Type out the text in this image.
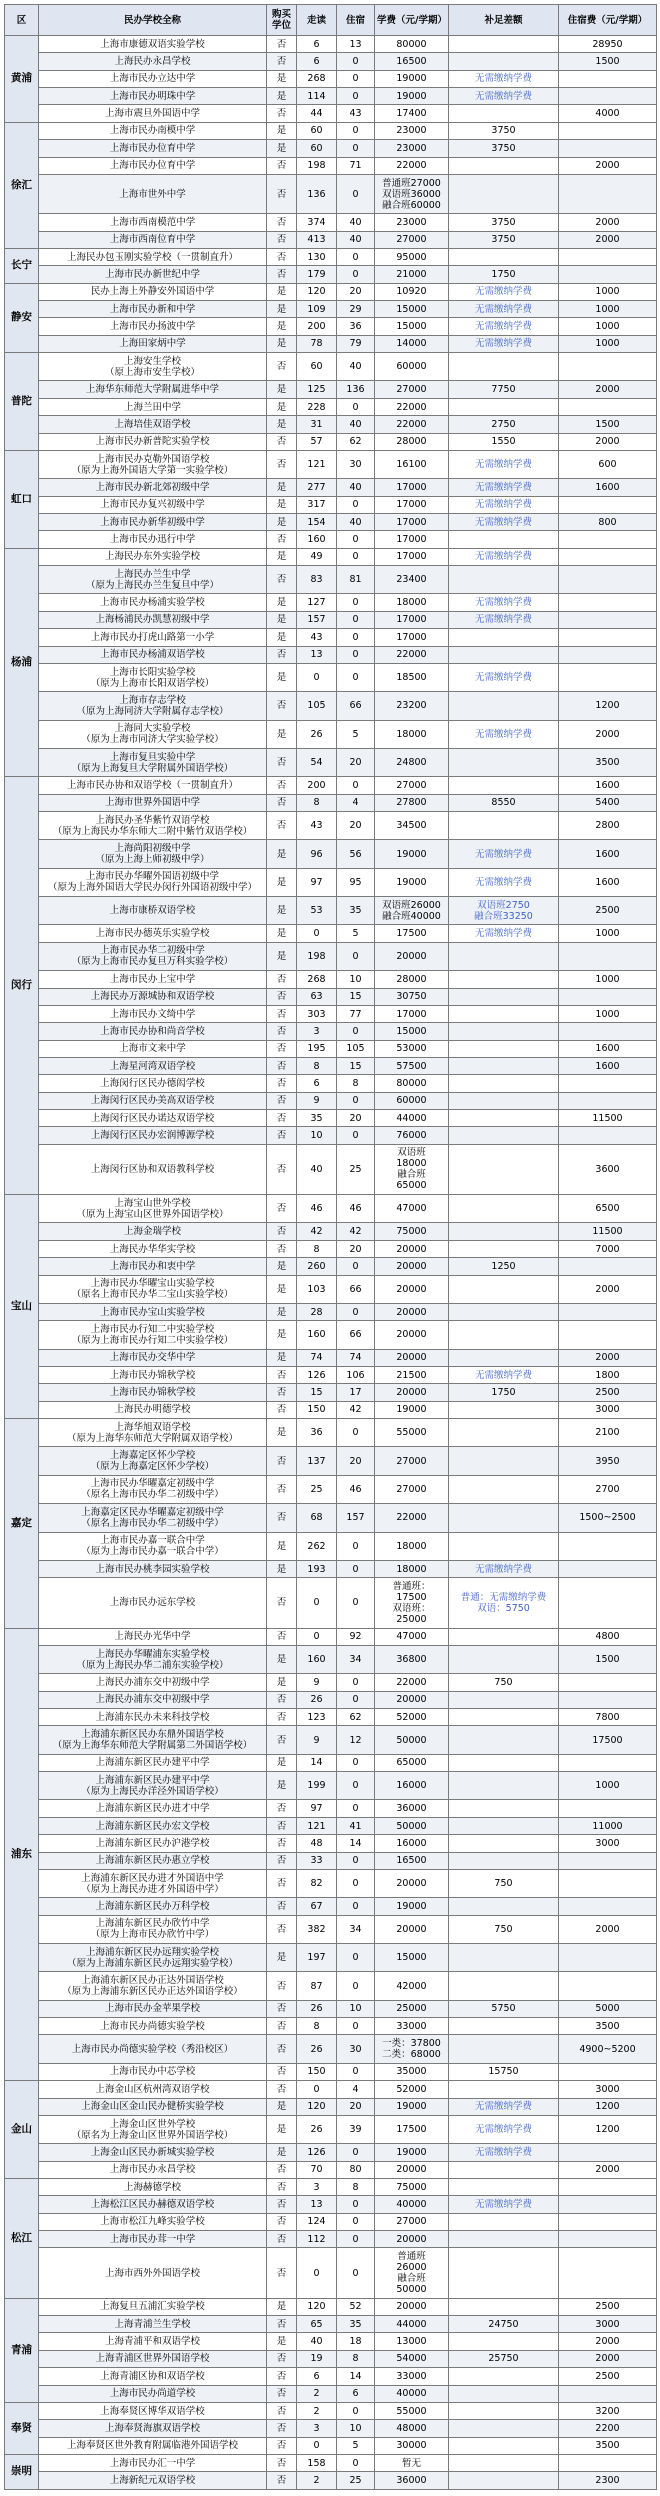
区	民办学校全称	购买学位	走读	住宿	学费（元/学期）	补足差额	住宿费（元/学期）
黄浦	上海市康德双语实验学校	否	6	13	80000		28950
	上海民办永昌学校	否	6	0	16500		1500
	上海市民办立达中学	是	268	0	19000	无需缴纳学费	
	上海市民办明珠中学	是	114	0	19000	无需缴纳学费	
	上海市震旦外国语中学	否	44	43	17400		4000
徐汇	上海市民办南模中学	是	60	0	23000	3750	
	上海市民办位育中学	是	60	0	23000	3750	
	上海市民办位育中学	否	198	71	22000		2000
	上海市世外中学	否	136	0	普通班27000
双语班36000
融合班60000		
	上海市西南模范中学	否	374	40	23000	3750	2000
	上海市西南位育中学	否	413	40	27000	3750	2000
长宁	上海民办包玉刚实验学校（一贯制直升）	否	130	0	95000		
	上海市民办新世纪中学	否	179	0	21000	1750	
静安	民办上海上外静安外国语中学	是	120	20	10920	无需缴纳学费	1000
	上海市民办新和中学	是	109	29	15000	无需缴纳学费	1000
	上海市民办扬波中学	是	200	36	15000	无需缴纳学费	1000
	上海田家炳中学	是	78	79	14000	无需缴纳学费	1000
普陀	上海安生学校
（原上海市安生学校）	否	60	40	60000		
	上海华东师范大学附属进华中学	是	125	136	27000	7750	2000
	上海兰田中学	是	228	0	22000		
	上海培佳双语学校	是	31	40	22000	2750	1500
	上海市民办新普陀实验学校	否	57	62	28000	1550	2000
虹口	上海市民办克勒外国语学校
（原为上海外国语大学第一实验学校）	否	121	30	16100	无需缴纳学费	600
	上海市民办新北郊初级中学	是	277	40	17000	无需缴纳学费	1600
	上海市民办复兴初级中学	是	317	0	17000	无需缴纳学费	
	上海市民办新华初级中学	是	154	40	17000	无需缴纳学费	800
	上海市民办迅行中学	否	160	0	17000		
杨浦	上海民办东外实验学校	是	49	0	17000	无需缴纳学费	
	上海民办兰生中学
（原为上海民办兰生复旦中学）	否	83	81	23400		
	上海市民办杨浦实验学校	是	127	0	18000	无需缴纳学费	
	上海杨浦民办凯慧初级中学	是	157	0	17000	无需缴纳学费	
	上海市民办打虎山路第一小学	是	43	0	17000		
	上海市民办杨浦双语学校	否	13	0	22000		
	上海市长阳实验学校
（原为上海市长阳双语学校）	是	0	0	18500	无需缴纳学费	
	上海市存志学校
（原为上海同济大学附属存志学校）	否	105	66	23200		1200
	上海同大实验学校
（原为上海市同济大学实验学校）	是	26	5	18000	无需缴纳学费	2000
	上海市复旦实验中学
（原为上海复旦大学附属外国语学校）	否	54	20	24800		3500
闵行	上海市民办协和双语学校（一贯制直升）	否	200	0	27000		1600
	上海市世界外国语中学	否	8	4	27800	8550	5400
	上海民办圣华紫竹双语学校
（原为上海民办华东师大二附中紫竹双语学校）	否	43	20	34500		2800
	上海尚阳初级中学
（原为上海上师初级中学）	是	96	56	19000	无需缴纳学费	1600
	上海市民办华曜外国语初级中学
（原为上海外国语大学民办闵行外国语初级中学）	是	97	95	19000	无需缴纳学费	1600
	上海市康桥双语学校	是	53	35	双语班26000
融合班40000	双语班2750
融合班33250	2500
	上海市民办德英乐实验学校	是	0	5	17500	无需缴纳学费	1000
	上海市民办华二初级中学
（原为上海市民办复旦万科实验学校）	是	198	0	20000		
	上海市民办上宝中学	否	268	10	28000		1000
	上海民办万源城协和双语学校	否	63	15	30750		
	上海市民办文绮中学	否	303	77	17000		1000
	上海市民办协和尚音学校	否	3	0	15000		
	上海市文来中学	否	195	105	53000		1600
	上海星河湾双语学校	否	8	15	57500		1600
	上海闵行区民办德闳学校	否	6	8	80000		
	上海闵行区民办美高双语学校	否	9	0	60000		
	上海闵行区民办诺达双语学校	否	35	20	44000		11500
	上海闵行区民办宏润博源学校	否	10	0	76000		
	上海闵行区协和双语教科学校	否	40	25	双语班
18000
融合班
65000		3600
宝山	上海宝山世外学校
（原为上海宝山区世界外国语学校）	否	46	46	47000		6500
	上海金瑞学校	否	42	42	75000		11500
	上海民办华华实学校	否	8	20	20000		7000
	上海市民办和衷中学	是	260	0	20000	1250	
	上海市民办华曜宝山实验学校
（原名上海市民办华二宝山实验学校）	是	103	66	20000		2000
	上海市民办宝山实验学校	是	28	0	20000		
	上海市民办行知二中实验学校
（原为上海市民办行知二中实验学校）	是	160	66	20000		
	上海市民办交华中学	是	74	74	20000		2000
	上海市民办锦秋学校	否	126	106	21500	无需缴纳学费	1800
	上海市民办锦秋学校	否	15	17	20000	1750	2500
	上海民办明德学校	否	150	42	19000		3000
嘉定	上海华旭双语学校
（原为上海华东师范大学附属双语学校）	是	36	0	55000		2100
	上海嘉定区怀少学校
（原为上海嘉定区怀少学校）	否	137	20	27000		3950
	上海市民办华曜嘉定初级中学
（原名上海市民办华二初级中学）	否	25	46	27000		2700
	上海嘉定区民办华曜嘉定初级中学
（原名上海市民办华二初级中学）	否	68	157	22000		1500~2500
	上海市民办嘉一联合中学
（原为上海市民办嘉一联合中学）	是	262	0	18000		
	上海市民办桃李园实验学校	是	193	0	18000	无需缴纳学费	
	上海市民办远东学校	否	0	0	普通班：
17500
双语班：
25000	普通：无需缴纳学费
双语：5750	
浦东	上海民办光华中学	否	0	92	47000		4800
	上海民办华曜浦东实验学校
（原为上海民办华二浦东实验学校）	是	160	34	36800		1500
	上海民办浦东交中初级中学	是	9	0	22000	750	
	上海民办浦东交中初级中学	否	26	0	20000		
	上海浦东民办未来科技学校	否	123	62	52000		7800
	上海浦东新区民办东鼎外国语学校
（原为上海华东师范大学附属第二外国语学校）	否	9	12	50000		17500
	上海浦东新区民办建平中学	是	14	0	65000		
	上海浦东新区民办建平中学
（原为上海民办洋泾外国语学校）	是	199	0	16000		1000
	上海浦东新区民办进才中学	否	97	0	36000		
	上海浦东新区民办宏文学校	否	121	41	50000		11000
	上海浦东新区民办沪港学校	否	48	14	16000		3000
	上海浦东新区民办惠立学校	否	33	0	16500		
	上海浦东新区民办进才外国语中学
（原为上海民办进才外国语中学）	否	82	0	20000	750	
	上海浦东新区民办万科学校	否	67	0	19000		
	上海浦东新区民办欣竹中学
（原为上海市民办欣竹中学）	否	382	34	20000	750	2000
	上海浦东新区民办远翔实验学校
（原为上海浦东新区民办远翔实验学校）	是	197	0	15000		
	上海浦东新区民办正达外国语学校
（原为上海浦东新区民办正达外国语学校）	否	87	0	42000		
	上海市民办金苹果学校	否	26	10	25000	5750	5000
	上海市民办尚德实验学校	否	8	0	33000		3500
	上海市民办尚德实验学校（秀沿校区）	否	26	30	一类：37800
二类：68000		4900~5200
	上海市民办中芯学校	否	150	0	35000	15750	
金山	上海金山区杭州湾双语学校	否	0	4	52000		3000
	上海金山区金山民办健桥实验学校	是	120	20	19000	无需缴纳学费	1200
	上海金山区世外学校
（原名为上海金山区世界外国语学校）	是	26	39	17500	无需缴纳学费	1200
	上海金山区民办新城实验学校	是	126	0	19000	无需缴纳学费	
	上海市民办永昌学校	否	70	80	20000		2000
松江	上海赫德学校	否	3	8	75000		
	上海松江区民办赫德双语学校	否	13	0	40000	无需缴纳学费	
	上海市松江九峰实验学校	否	124	0	27000		
	上海市民办茸一中学	否	112	0	20000		
	上海市西外外国语学校	否	0	0	普通班
26000
融合班
50000		
青浦	上海复旦五浦汇实验学校	是	120	52	20000		2500
	上海青浦兰生学校	否	65	35	44000	24750	3000
	上海青浦平和双语学校	是	40	18	13000		2000
	上海青浦区世界外国语学校	否	19	8	54000	25750	2000
	上海青浦区协和双语学校	否	6	14	33000		2500
	上海市民办尚道学校	否	2	6	40000		
奉贤	上海奉贤区博华双语学校	否	2	0	55000		3200
	上海奉贤海旗双语学校	否	3	10	48000		2200
	上海奉贤区世外教育附属临港外国语学校	否	0	5	30000		3500
崇明	上海市民办汇一中学	否	158	0	暂无		
	上海新纪元双语学校	否	2	25	36000		2300
